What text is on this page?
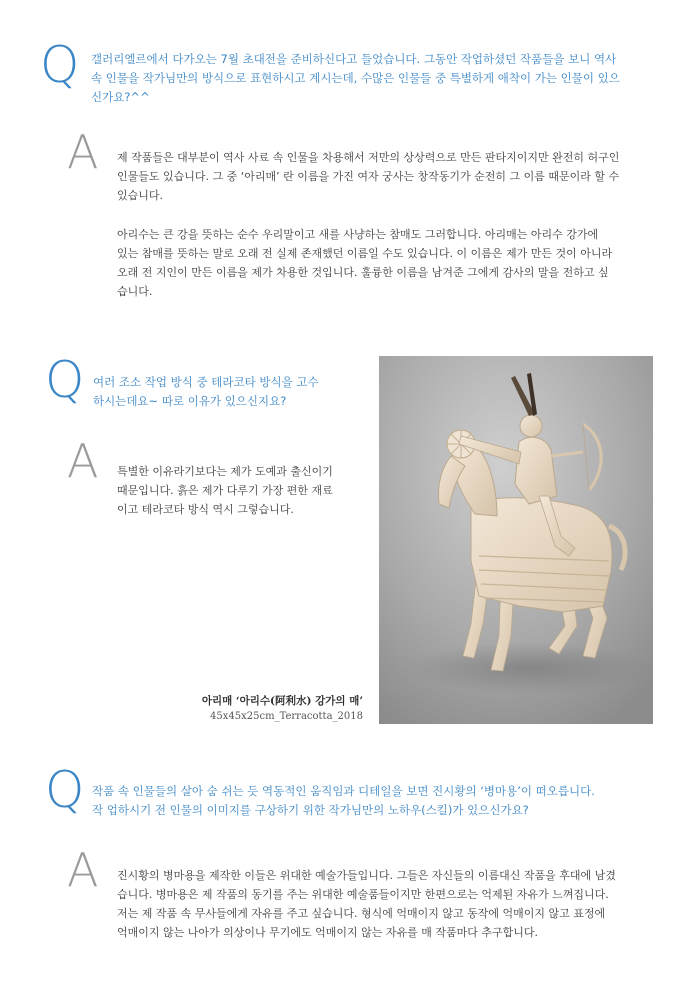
Q 갤러리엘르에서 다가오는 7월 초대전을 준비하신다고 들었습니다. 그동안 작업하셨던 작품들을 보니 역사
속 인물을 작가님만의 방식으로 표현하시고 계시는데, 수많은 인물들 중 특별하게 애착이 가는 인물이 있으
신가요?^^
A 제 작품들은 대부분이 역사 사료 속 인물을 차용해서 저만의 상상력으로 만든 판타지이지만 완전히 허구인
인물들도 있습니다. 그 중 ‘아리매’ 란 이름을 가진 여자 궁사는 창작동기가 순전히 그 이름 때문이라 할 수
있습니다.

아리수는 큰 강을 뜻하는 순수 우리말이고 새를 사냥하는 참매도 그러합니다. 아리매는 아리수 강가에
있는 참매를 뜻하는 말로 오래 전 실제 존재했던 이름일 수도 있습니다. 이 이름은 제가 만든 것이 아니라
오래 전 지인이 만든 이름을 제가 차용한 것입니다. 훌륭한 이름을 남겨준 그에게 감사의 말을 전하고 싶
습니다.

Q 여러 조소 작업 방식 중 테라코타 방식을 고수
하시는데요~ 따로 이유가 있으신지요?
A 특별한 이유라기보다는 제가 도예과 출신이기
때문입니다. 흙은 제가 다루기 가장 편한 재료
이고 테라코타 방식 역시 그렇습니다.
아리매 ‘아리수(阿利水) 강가의 매’
45x45x25cm_Terracotta_2018
Q 작품 속 인물들의 살아 숨 쉬는 듯 역동적인 움직임과 디테일을 보면 진시황의 ‘병마용’이 떠오릅니다.
작 업하시기 전 인물의 이미지를 구상하기 위한 작가님만의 노하우(스킬)가 있으신가요?
A 진시황의 병마용을 제작한 이들은 위대한 예술가들입니다. 그들은 자신들의 이름대신 작품을 후대에 남겼
습니다. 병마용은 제 작품의 동기를 주는 위대한 예술품들이지만 한편으로는 억제된 자유가 느껴집니다.
저는 제 작품 속 무사들에게 자유를 주고 싶습니다. 형식에 억매이지 않고 동작에 억매이지 않고 표정에
억매이지 않는 나아가 의상이나 무기에도 억매이지 않는 자유를 매 작품마다 추구합니다.
